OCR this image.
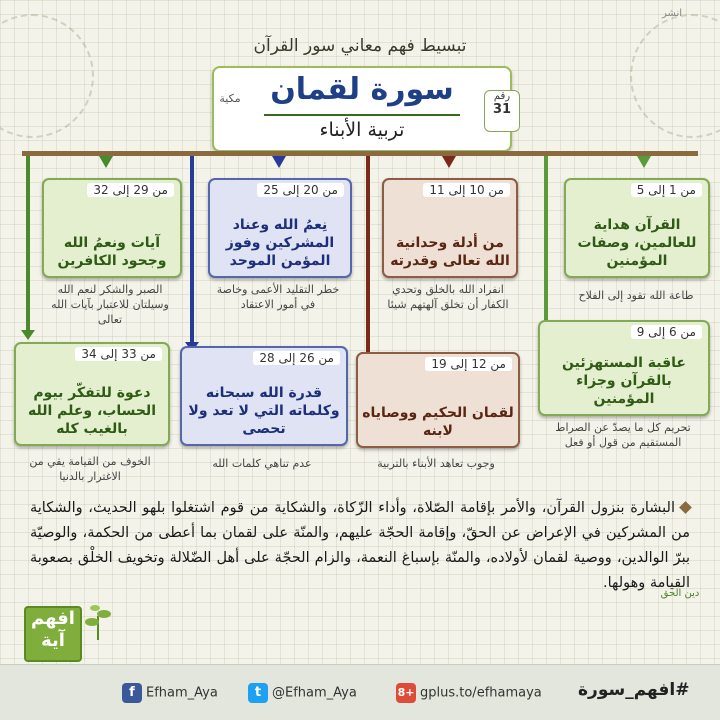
انشر
تبسيط فهم معاني سور القرآن
سورة لقمان
تربية الأبناء
رقم
31
مكية
من 1 إلى 5
القرآن هداية للعالمين، وصفات المؤمنين
من 10 إلى 11
من أدلة وحدانية الله تعالى وقدرته
من 20 إلى 25
نِعمُ الله وعناد المشركين وفوز المؤمن الموحد
من 29 إلى 32
آيات ونعمُ الله وجحود الكافرين
طاعة الله تقود إلى الفلاح
انفراد الله بالخلق وتحدي الكفار أن تخلق آلهتهم شيئا
خطر التقليد الأعمى وخاصة في أمور الاعتقاد
الصبر والشكر لنعم الله وسيلتان للاعتبار بآيات الله تعالى
من 6 إلى 9
عاقبة المستهزئين بالقرآن وجزاء المؤمنين
من 12 إلى 19
لقمان الحكيم ووصاياه لابنه
من 26 إلى 28
قدرة الله سبحانه وكلماته التي لا تعد ولا تحصى
من 33 إلى 34
دعوة للتفكّر بيوم الحساب، وعلم الله بالغيب كله	تحريم كل ما يصدّ عن الصراط المستقيم من قول أو فعل
وجوب تعاهد الأبناء بالتربية
عدم تناهي كلمات الله
الخوف من القيامة يقي من الاغترار بالدنيا
البشارة بنزول القرآن، والأمر بإقامة الصّلاة، وأداء الزّكاة، والشكاية من قوم اشتغلوا بلهو الحديث، والشكاية من المشركين في الإعراض عن الحقّ، وإقامة الحجّة عليهم، والمنّة على لقمان بما أعطى من الحكمة، والوصيّة ببرّ الوالدين، ووصية لقمان لأولاده، والمنّة بإسباغ النعمة، والزام الحجّة على أهل الضّلالة وتخويف الخلْق بصعوبة القيامة وهولها.
افهم آية
دين الحق
f Efham_Aya	t @Efham_Aya	8+ gplus.to/efhamaya #افهم_سورة
